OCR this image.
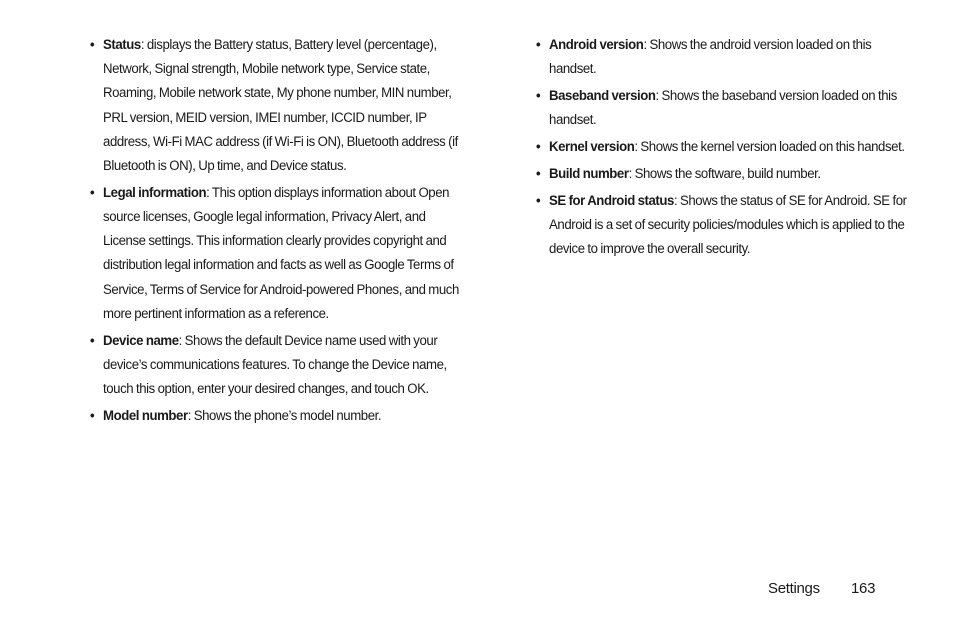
• Status: displays the Battery status, Battery level (percentage), Network, Signal strength, Mobile network type, Service state, Roaming, Mobile network state, My phone number, MIN number, PRL version, MEID version, IMEI number, ICCID number, IP address, Wi-Fi MAC address (if Wi-Fi is ON), Bluetooth address (if Bluetooth is ON), Up time, and Device status.
• Legal information: This option displays information about Open source licenses, Google legal information, Privacy Alert, and License settings. This information clearly provides copyright and distribution legal information and facts as well as Google Terms of Service, Terms of Service for Android-powered Phones, and much more pertinent information as a reference.
• Device name: Shows the default Device name used with your device’s communications features. To change the Device name, touch this option, enter your desired changes, and touch OK.
• Model number: Shows the phone’s model number.
• Android version: Shows the android version loaded on this handset.
• Baseband version: Shows the baseband version loaded on this handset.
• Kernel version: Shows the kernel version loaded on this handset.
• Build number: Shows the software, build number.
• SE for Android status: Shows the status of SE for Android. SE for Android is a set of security policies/modules which is applied to the device to improve the overall security.
Settings 163
